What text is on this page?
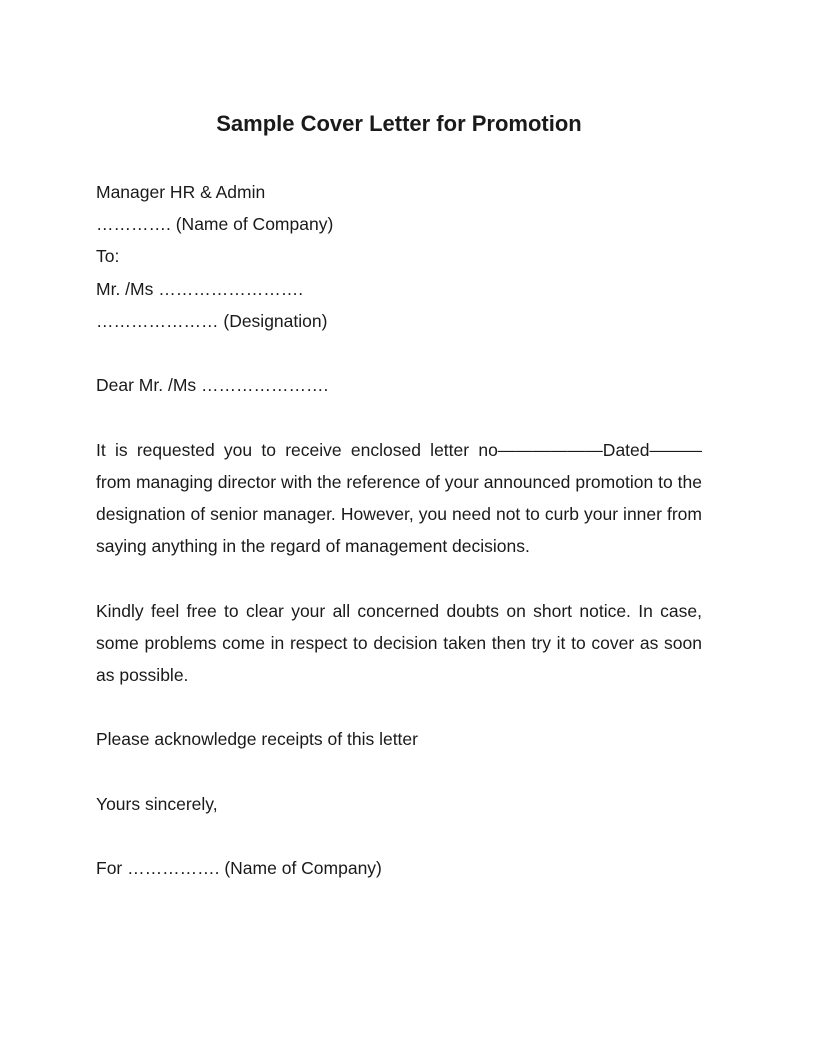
Sample Cover Letter for Promotion

Manager HR & Admin

…………. (Name of Company)

To:

Mr. /Ms …………………….

………………… (Designation)

Dear Mr. /Ms ………………….

It is requested you to receive enclosed letter no——————Dated——— from managing director with the reference of your announced promotion to the designation of senior manager. However, you need not to curb your inner from saying anything in the regard of management decisions.

Kindly feel free to clear your all concerned doubts on short notice. In case, some problems come in respect to decision taken then try it to cover as soon as possible.

Please acknowledge receipts of this letter

Yours sincerely,

For ……………. (Name of Company)
